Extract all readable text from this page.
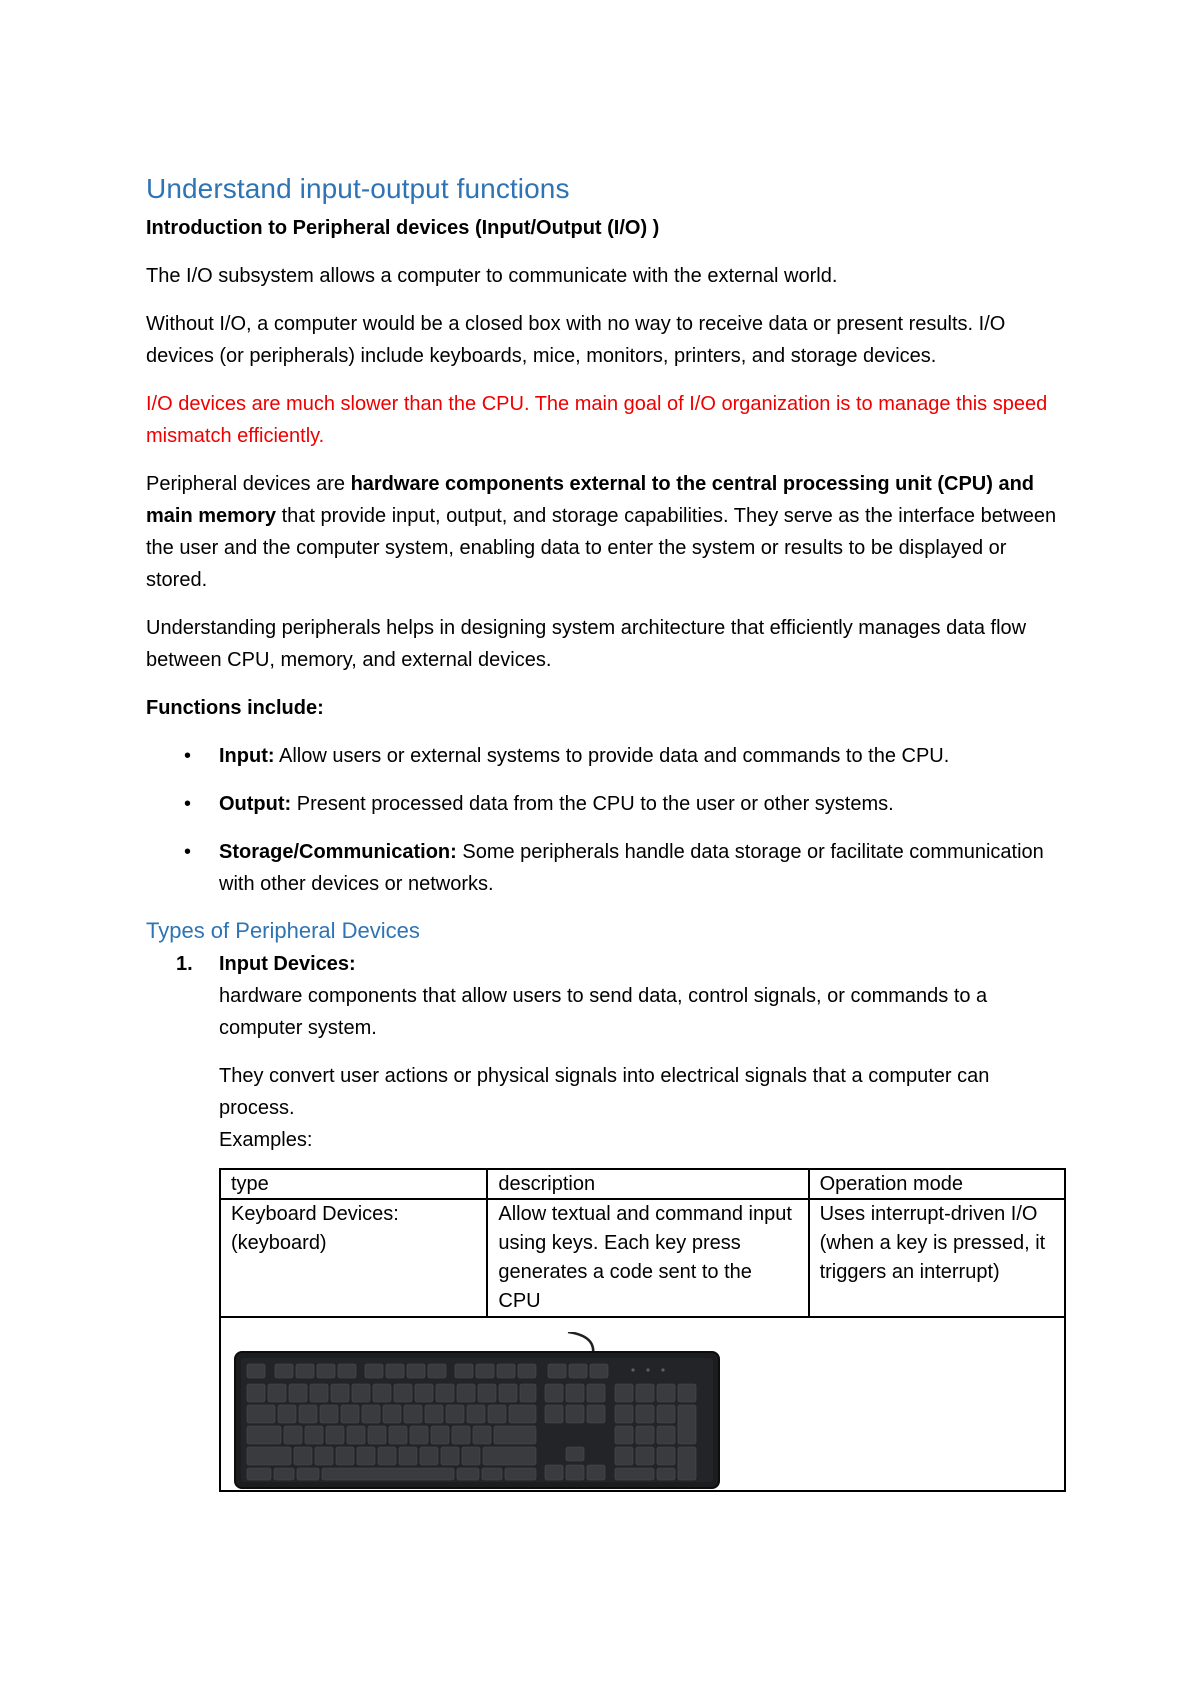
Understand input-output functions

Introduction to Peripheral devices (Input/Output (I/O) )

The I/O subsystem allows a computer to communicate with the external world.

Without I/O, a computer would be a closed box with no way to receive data or present results. I/O devices (or peripherals) include keyboards, mice, monitors, printers, and storage devices.

I/O devices are much slower than the CPU. The main goal of I/O organization is to manage this speed mismatch efficiently.

Peripheral devices are hardware components external to the central processing unit (CPU) and main memory that provide input, output, and storage capabilities. They serve as the interface between the user and the computer system, enabling data to enter the system or results to be displayed or stored.

Understanding peripherals helps in designing system architecture that efficiently manages data flow between CPU, memory, and external devices.

Functions include:

• Input: Allow users or external systems to provide data and commands to the CPU.
• Output: Present processed data from the CPU to the user or other systems.
• Storage/Communication: Some peripherals handle data storage or facilitate communication with other devices or networks.
Types of Peripheral Devices
1. Input Devices:

hardware components that allow users to send data, control signals, or commands to a computer system.

They convert user actions or physical signals into electrical signals that a computer can process.
Examples:
type	description	Operation mode
Keyboard Devices: (keyboard)	Allow textual and command input using keys. Each key press generates a code sent to the CPU	Uses interrupt-driven I/O (when a key is pressed, it triggers an interrupt)
